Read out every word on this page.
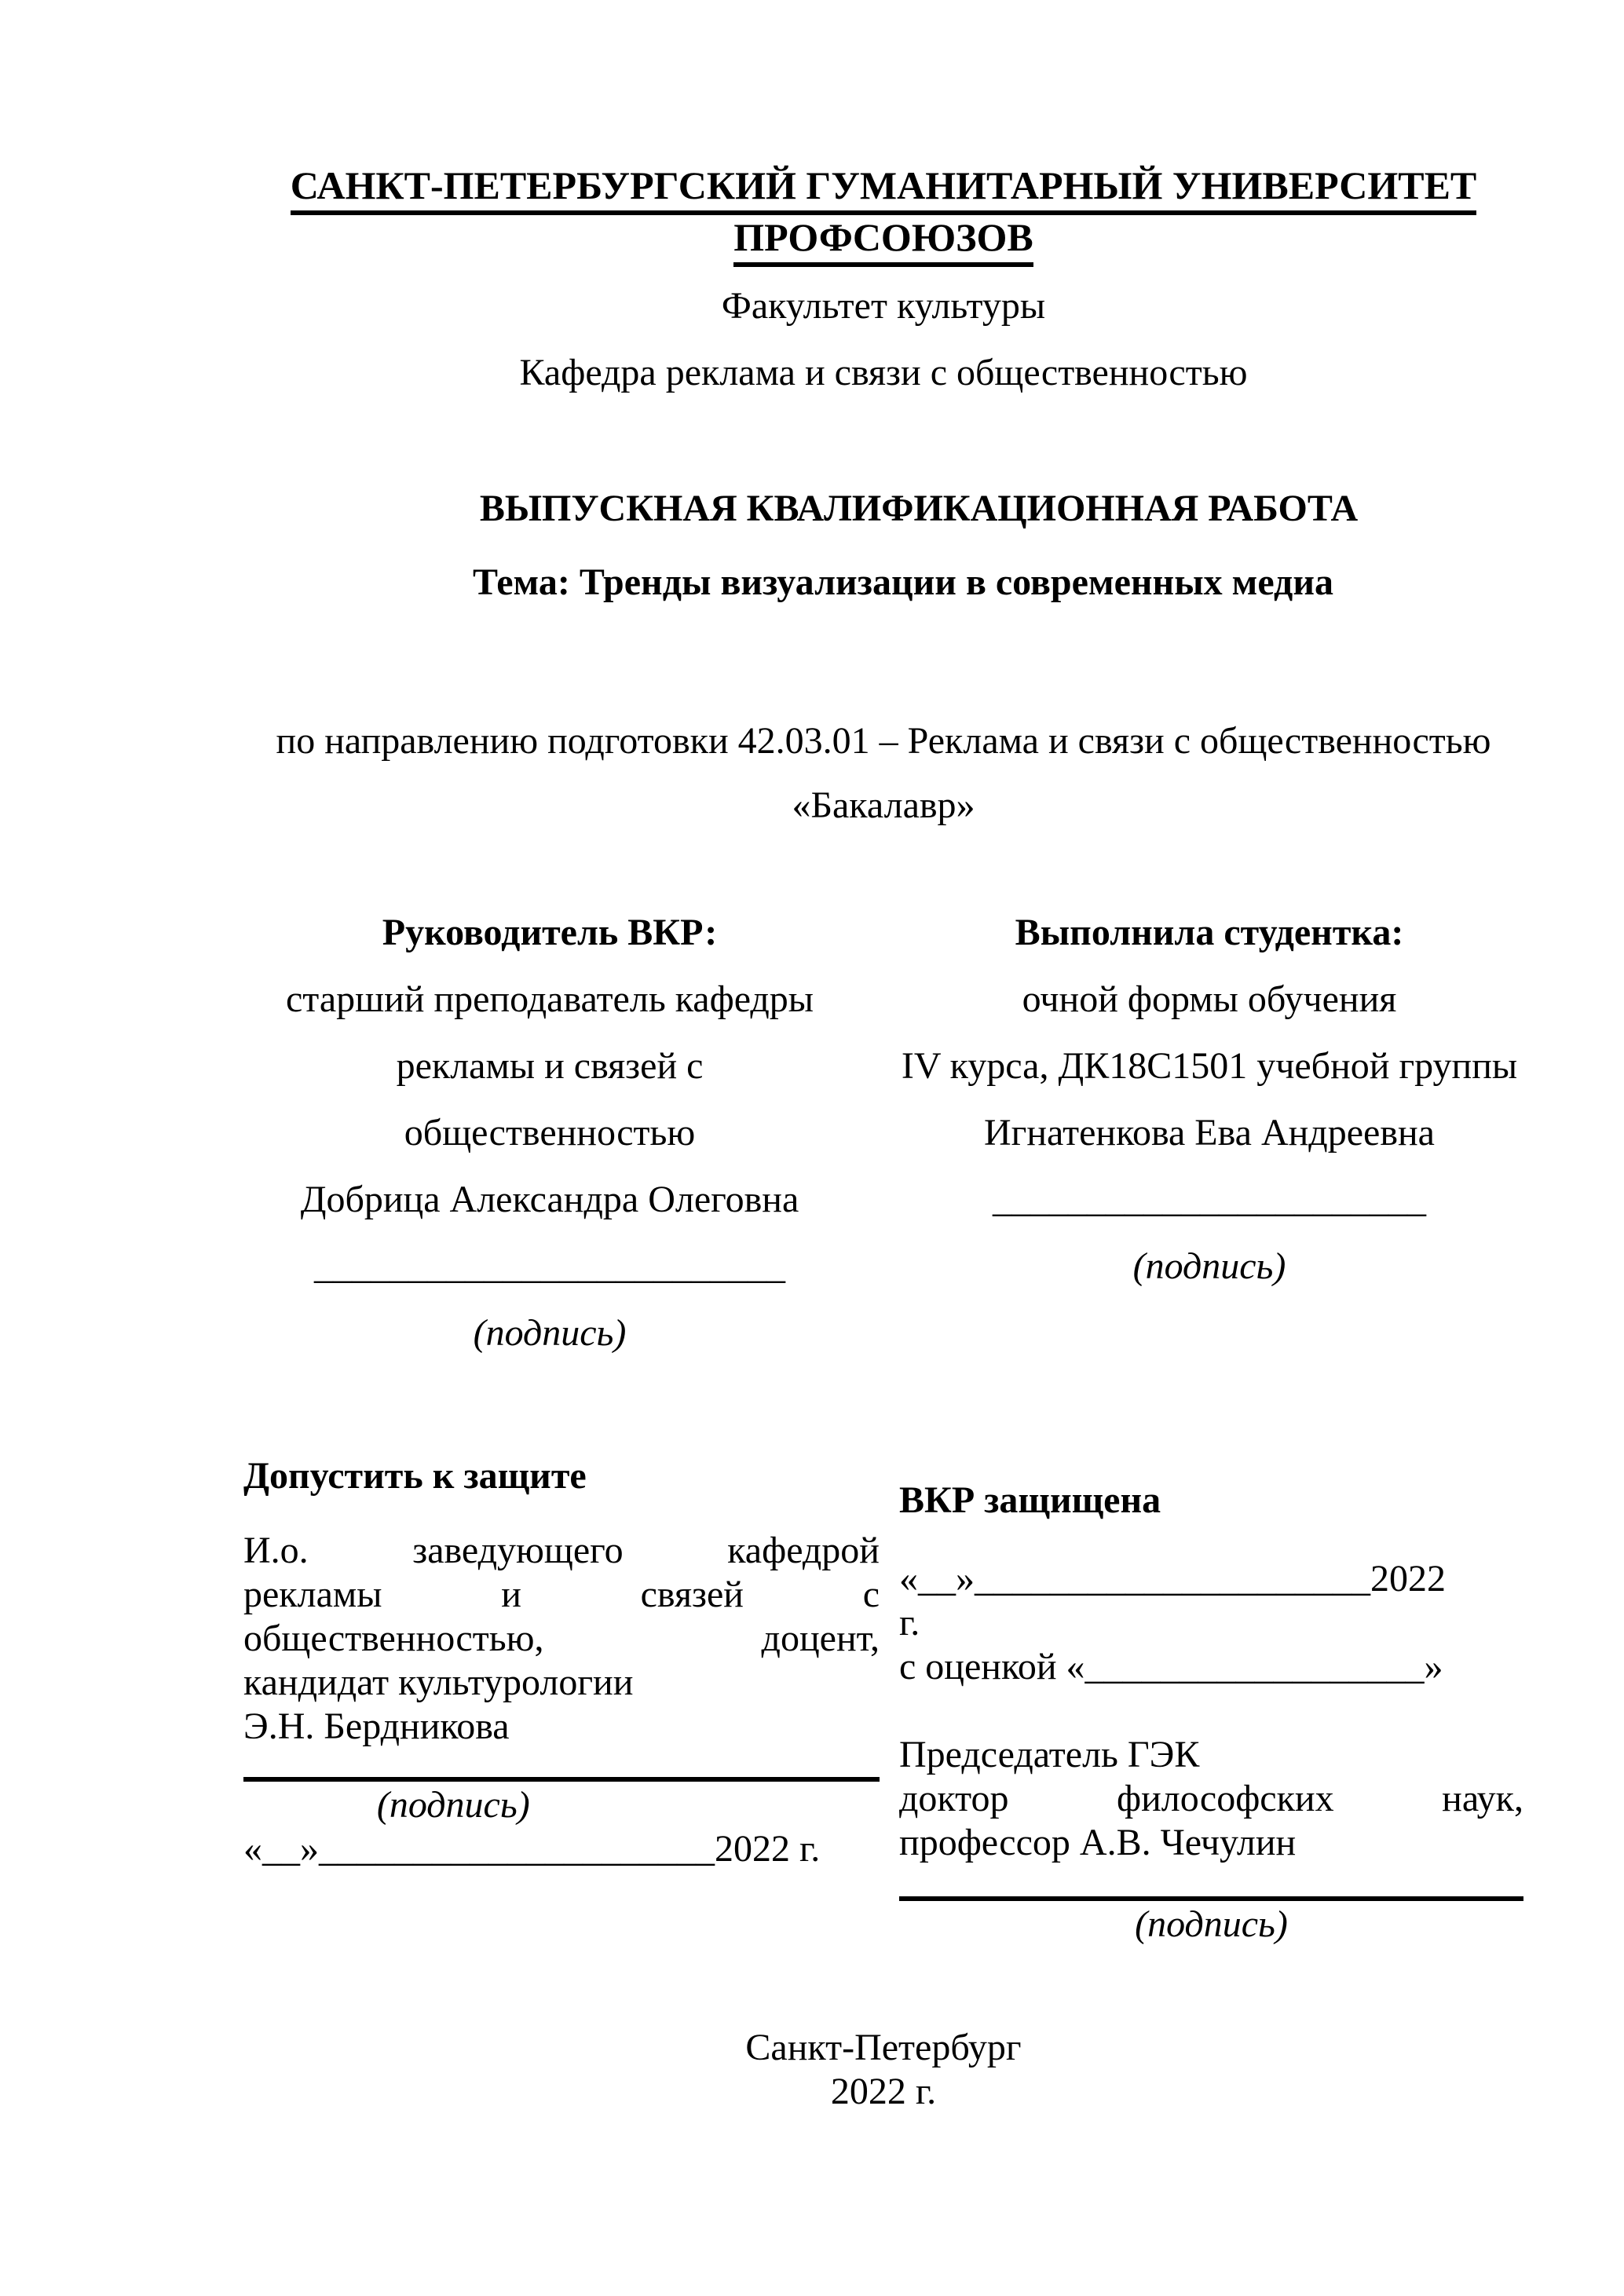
САНКТ-ПЕТЕРБУРГСКИЙ ГУМАНИТАРНЫЙ УНИВЕРСИТЕТ
ПРОФСОЮЗОВ
Факультет культуры
Кафедра реклама и связи с общественностью
ВЫПУСКНАЯ КВАЛИФИКАЦИОННАЯ РАБОТА
Тема: Тренды визуализации в современных медиа
по направлению подготовки 42.03.01 – Реклама и связи с общественностью
«Бакалавр»
Руководитель ВКР:
старший преподаватель кафедры
рекламы и связей с
общественностью
Добрица Александра Олеговна
_________________________
(подпись)
Выполнила студентка:
очной формы обучения
IV курса, ДК18С1501 учебной группы
Игнатенкова Ева Андреевна
_______________________
(подпись)
Допустить к защите
И.о. заведующего кафедрой
рекламы и связей с
общественностью, доцент,
кандидат культурологии
Э.Н. Бердникова
(подпись)
«__»_____________________2022 г.
ВКР защищена
«__»_____________________2022
г.
с оценкой «__________________»
Председатель ГЭК
доктор философских наук,
профессор А.В. Чечулин
(подпись)
Санкт-Петербург
2022 г.
